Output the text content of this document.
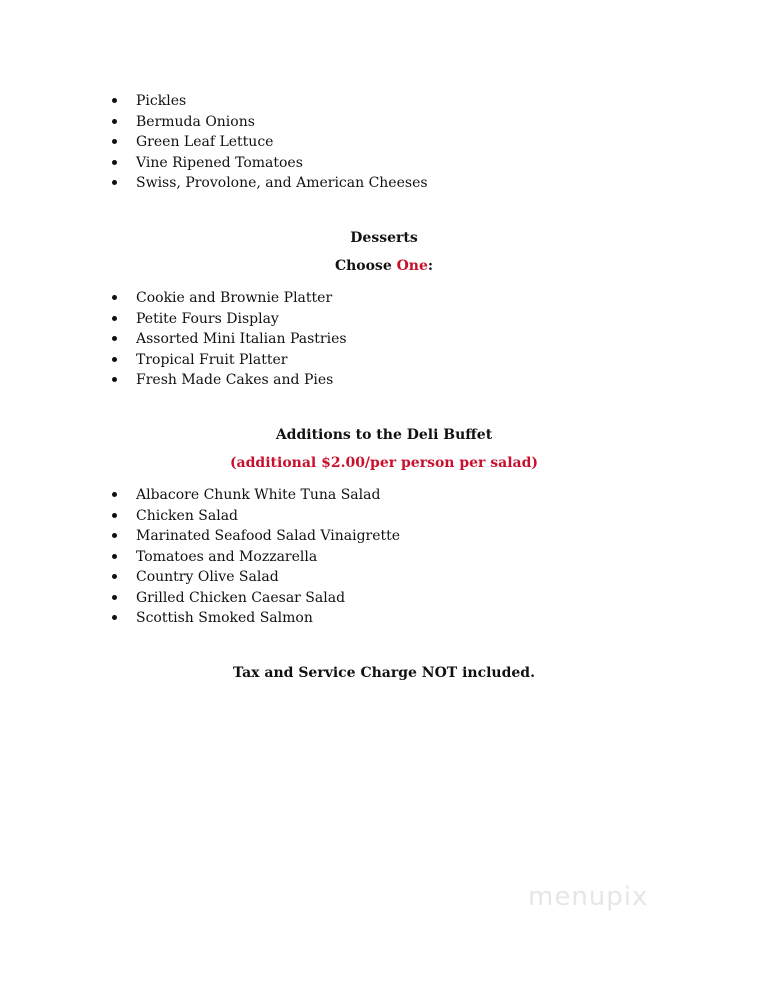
Pickles
Bermuda Onions
Green Leaf Lettuce
Vine Ripened Tomatoes
Swiss, Provolone, and American Cheeses
Desserts
Choose One:
Cookie and Brownie Platter
Petite Fours Display
Assorted Mini Italian Pastries
Tropical Fruit Platter
Fresh Made Cakes and Pies
Additions to the Deli Buffet
(additional $2.00/per person per salad)
Albacore Chunk White Tuna Salad
Chicken Salad
Marinated Seafood Salad Vinaigrette
Tomatoes and Mozzarella
Country Olive Salad
Grilled Chicken Caesar Salad
Scottish Smoked Salmon
Tax and Service Charge NOT included.

menupix
